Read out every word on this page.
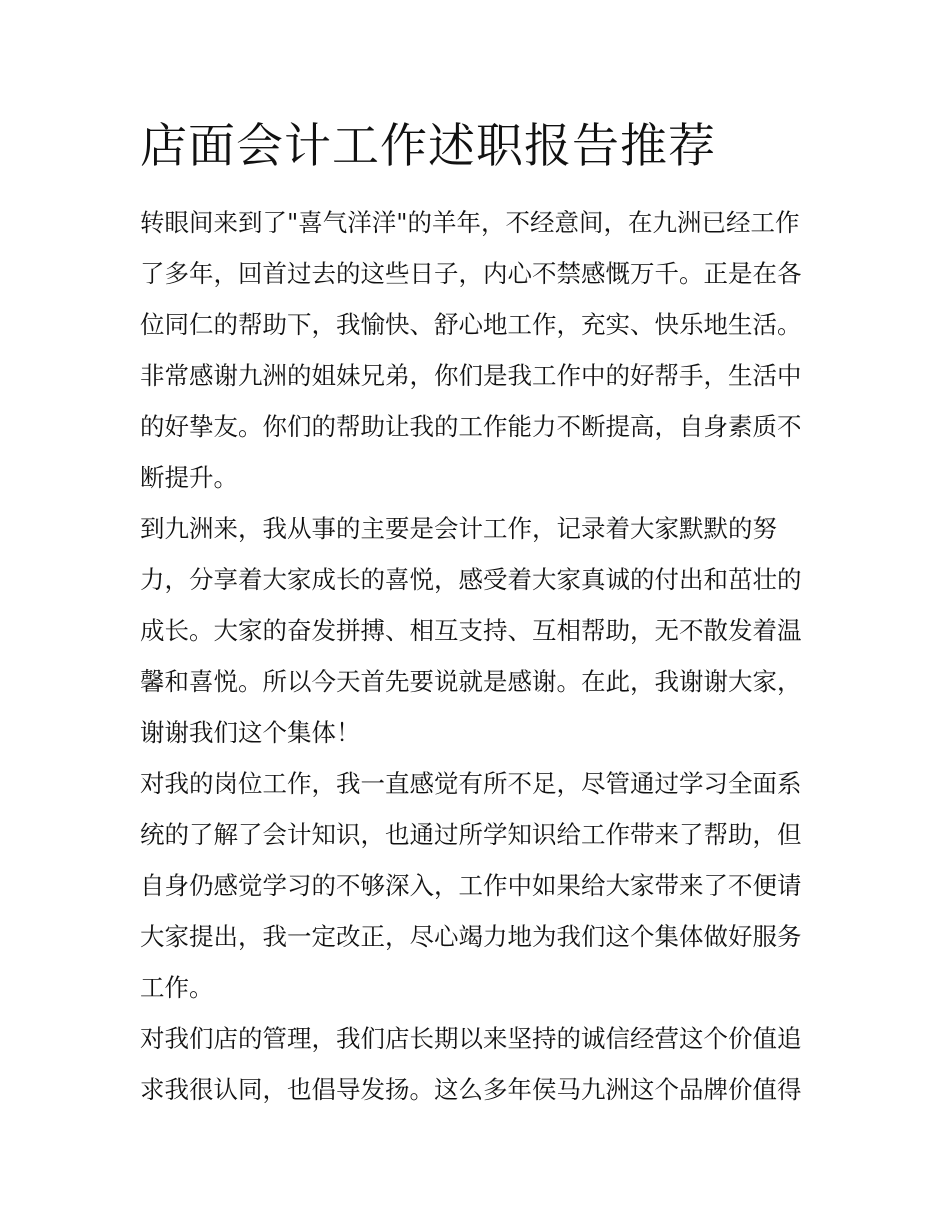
店面会计工作述职报告推荐

转眼间来到了"喜气洋洋"的羊年，不经意间，在九洲已经工作
了多年，回首过去的这些日子，内心不禁感慨万千。正是在各
位同仁的帮助下，我愉快、舒心地工作，充实、快乐地生活。
非常感谢九洲的姐妹兄弟，你们是我工作中的好帮手，生活中
的好挚友。你们的帮助让我的工作能力不断提高，自身素质不
断提升。

到九洲来，我从事的主要是会计工作，记录着大家默默的努
力，分享着大家成长的喜悦，感受着大家真诚的付出和茁壮的
成长。大家的奋发拼搏、相互支持、互相帮助，无不散发着温
馨和喜悦。所以今天首先要说就是感谢。在此，我谢谢大家，
谢谢我们这个集体！

对我的岗位工作，我一直感觉有所不足，尽管通过学习全面系
统的了解了会计知识，也通过所学知识给工作带来了帮助，但
自身仍感觉学习的不够深入，工作中如果给大家带来了不便请
大家提出，我一定改正，尽心竭力地为我们这个集体做好服务
工作。

对我们店的管理，我们店长期以来坚持的诚信经营这个价值追
求我很认同，也倡导发扬。这么多年侯马九洲这个品牌价值得
